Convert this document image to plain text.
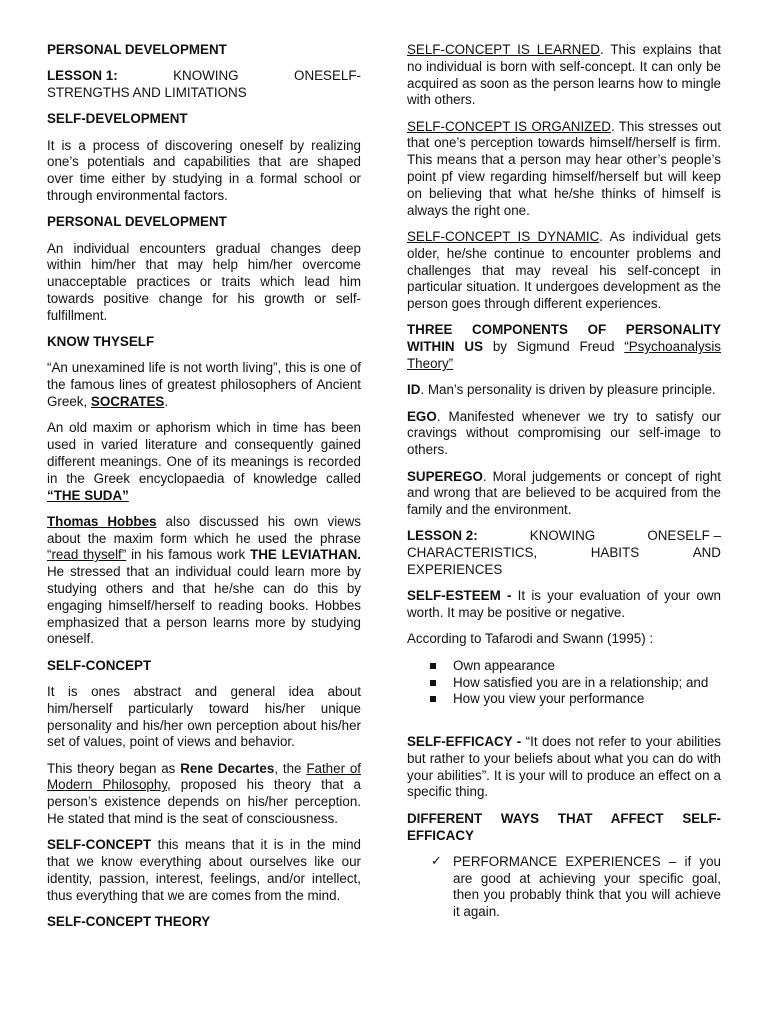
PERSONAL DEVELOPMENT
LESSON 1:	KNOWING	ONESELF-
STRENGTHS AND LIMITATIONS
SELF-DEVELOPMENT

It is a process of discovering oneself by realizing one’s potentials and capabilities that are shaped over time either by studying in a formal school or through environmental factors.

PERSONAL DEVELOPMENT

An individual encounters gradual changes deep within him/her that may help him/her overcome unacceptable practices or traits which lead him towards positive change for his growth or self-fulfillment.

KNOW THYSELF

“An unexamined life is not worth living”, this is one of the famous lines of greatest philosophers of Ancient Greek, SOCRATES.

An old maxim or aphorism which in time has been used in varied literature and consequently gained different meanings. One of its meanings is recorded in the Greek encyclopaedia of knowledge called “THE SUDA”

Thomas Hobbes also discussed his own views about the maxim form which he used the phrase “read thyself” in his famous work THE LEVIATHAN. He stressed that an individual could learn more by studying others and that he/she can do this by engaging himself/herself to reading books. Hobbes emphasized that a person learns more by studying oneself.

SELF-CONCEPT

It is ones abstract and general idea about him/herself particularly toward his/her unique personality and his/her own perception about his/her set of values, point of views and behavior.

This theory began as Rene Decartes, the Father of Modern Philosophy, proposed his theory that a person’s existence depends on his/her perception. He stated that mind is the seat of consciousness.

SELF-CONCEPT this means that it is in the mind that we know everything about ourselves like our identity, passion, interest, feelings, and/or intellect, thus everything that we are comes from the mind.

SELF-CONCEPT THEORY

SELF-CONCEPT IS LEARNED. This explains that no individual is born with self-concept. It can only be acquired as soon as the person learns how to mingle with others.

SELF-CONCEPT IS ORGANIZED. This stresses out that one’s perception towards himself/herself is firm. This means that a person may hear other’s people’s point pf view regarding himself/herself but will keep on believing that what he/she thinks of himself is always the right one.

SELF-CONCEPT IS DYNAMIC. As individual gets older, he/she continue to encounter problems and challenges that may reveal his self-concept in particular situation. It undergoes development as the person goes through different experiences.

THREE COMPONENTS OF PERSONALITY WITHIN US by Sigmund Freud “Psychoanalysis Theory”

ID. Man’s personality is driven by pleasure principle.

EGO. Manifested whenever we try to satisfy our cravings without compromising our self-image to others.

SUPEREGO. Moral judgements or concept of right and wrong that are believed to be acquired from the family and the environment.

LESSON 2:	KNOWING	ONESELF –
CHARACTERISTICS,	HABITS	AND
EXPERIENCES

SELF-ESTEEM - It is your evaluation of your own worth. It may be positive or negative.

According to Tafarodi and Swann (1995) :

Own appearance
How satisfied you are in a relationship; and
How you view your performance

SELF-EFFICACY - “It does not refer to your abilities but rather to your beliefs about what you can do with your abilities”. It is your will to produce an effect on a specific thing.

DIFFERENT WAYS THAT AFFECT SELF-EFFICACY
✓ PERFORMANCE EXPERIENCES – if you are good at achieving your specific goal, then you probably think that you will achieve it again.
